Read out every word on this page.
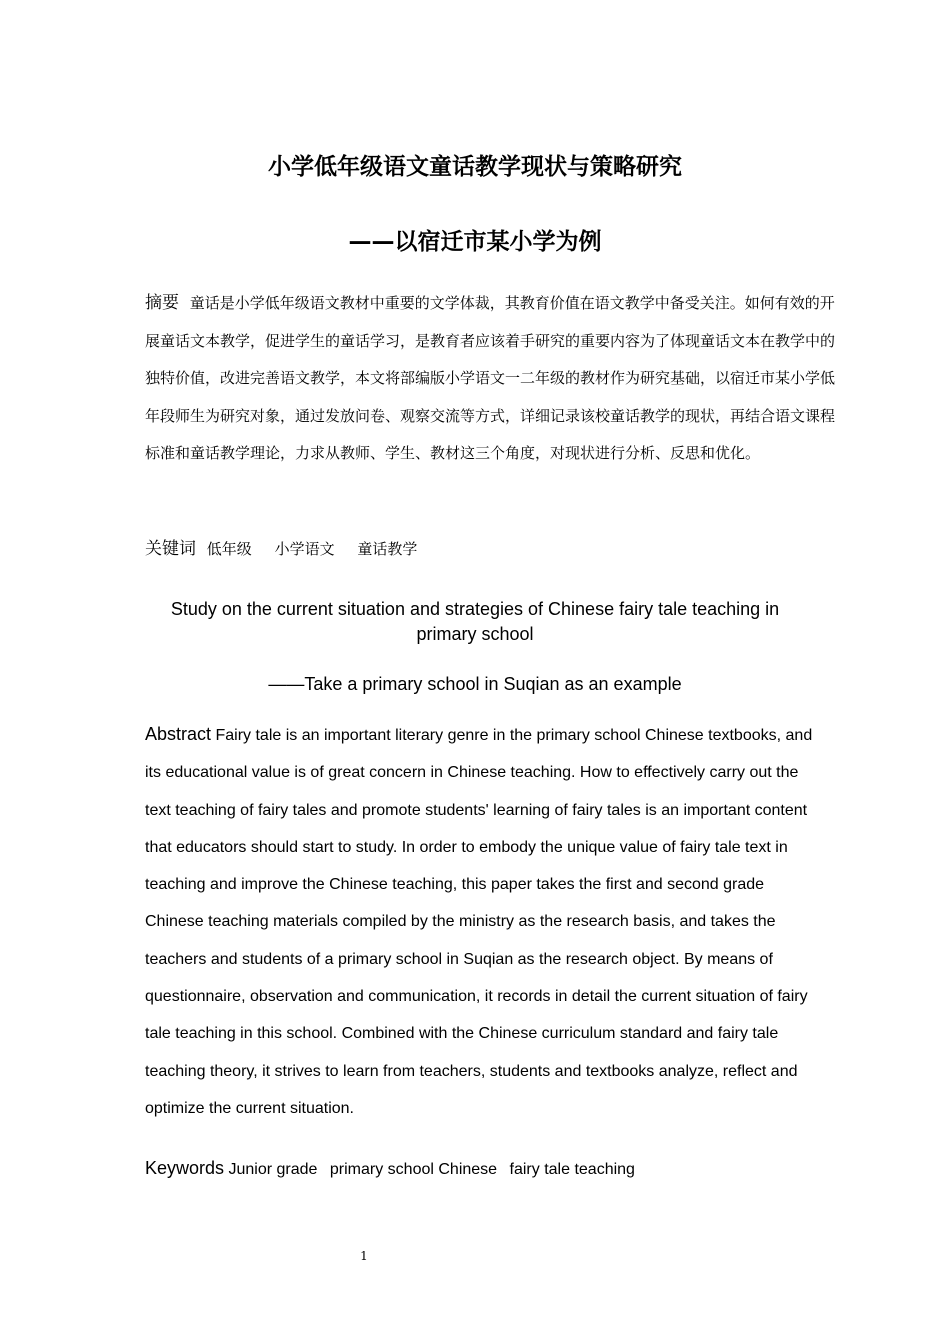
小学低年级语文童话教学现状与策略研究
——以宿迁市某小学为例
摘要 童话是小学低年级语文教材中重要的文学体裁，其教育价值在语文教学中备受关注。如何有效的开展童话文本教学，促进学生的童话学习，是教育者应该着手研究的重要内容为了体现童话文本在教学中的独特价值，改进完善语文教学，本文将部编版小学语文一二年级的教材作为研究基础，以宿迁市某小学低年段师生为研究对象，通过发放问卷、观察交流等方式，详细记录该校童话教学的现状，再结合语文课程标准和童话教学理论，力求从教师、学生、教材这三个角度，对现状进行分析、反思和优化。
关键词 低年级 小学语文 童话教学
Study on the current situation and strategies of Chinese fairy tale teaching in primary school
——Take a primary school in Suqian as an example
Abstract Fairy tale is an important literary genre in the primary school Chinese textbooks, and its educational value is of great concern in Chinese teaching. How to effectively carry out the text teaching of fairy tales and promote students' learning of fairy tales is an important content that educators should start to study. In order to embody the unique value of fairy tale text in teaching and improve the Chinese teaching, this paper takes the first and second grade Chinese teaching materials compiled by the ministry as the research basis, and takes the teachers and students of a primary school in Suqian as the research object. By means of questionnaire, observation and communication, it records in detail the current situation of fairy tale teaching in this school. Combined with the Chinese curriculum standard and fairy tale teaching theory, it strives to learn from teachers, students and textbooks analyze, reflect and optimize the current situation.
Keywords Junior grade primary school Chinese fairy tale teaching
1
